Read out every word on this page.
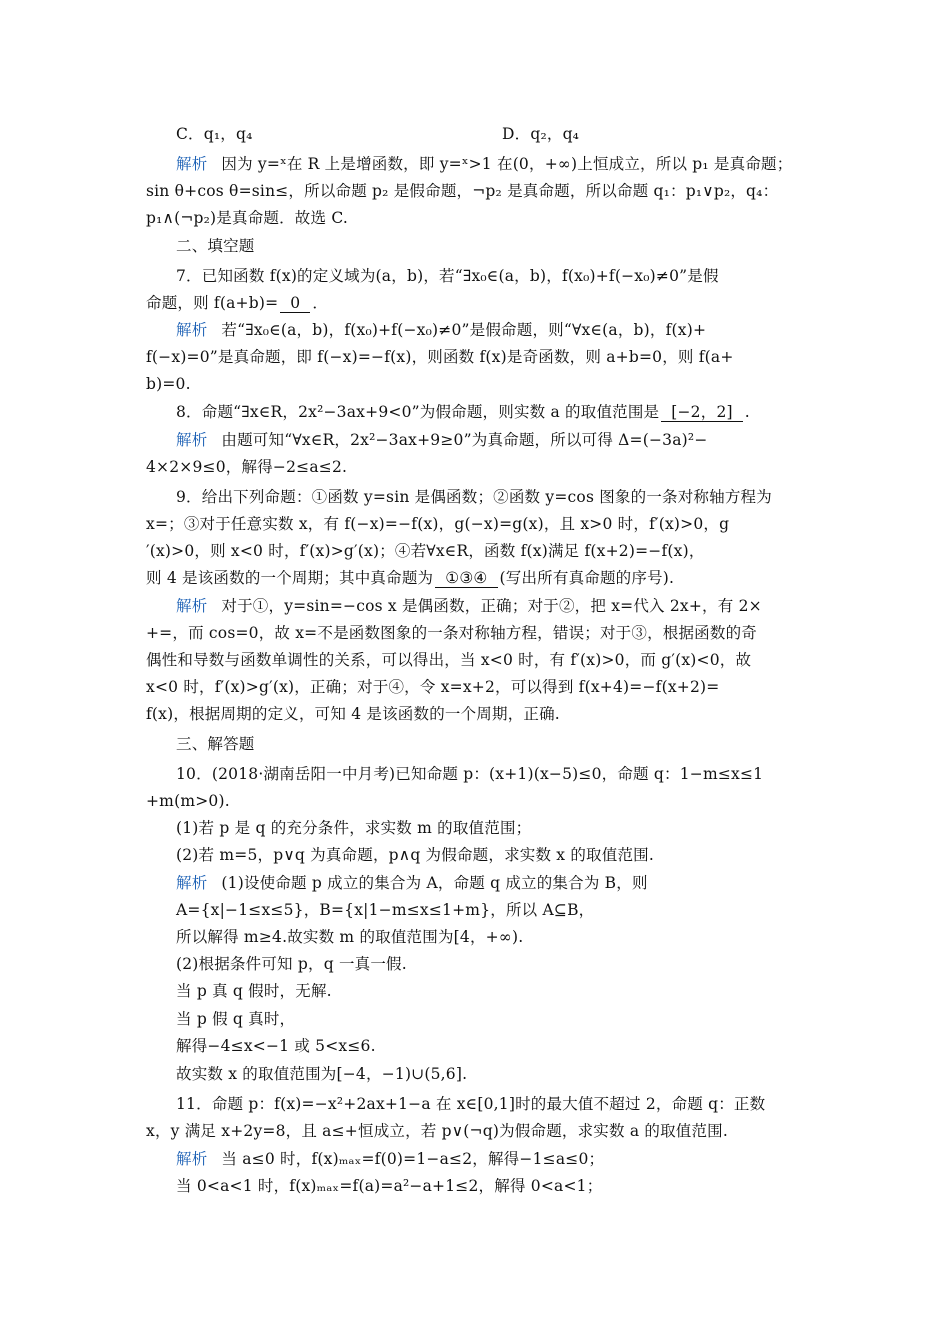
C．q₁，q₄	D．q₂，q₄
解析 因为 y=ˣ在 R 上是增函数，即 y=ˣ>1 在(0，+∞)上恒成立，所以 p₁ 是真命题；
sin θ+cos θ=sin≤，所以命题 p₂ 是假命题，¬p₂ 是真命题，所以命题 q₁：p₁∨p₂，q₄：
p₁∧(¬p₂)是真命题．故选 C.
二、填空题
7．已知函数 f(x)的定义域为(a，b)，若“∃x₀∈(a，b)，f(x₀)+f(−x₀)≠0”是假
命题，则 f(a+b)= 0 ．
解析 若“∃x₀∈(a，b)，f(x₀)+f(−x₀)≠0”是假命题，则“∀x∈(a，b)，f(x)+
f(−x)=0”是真命题，即 f(−x)=−f(x)，则函数 f(x)是奇函数，则 a+b=0，则 f(a+
b)=0.
8．命题“∃x∈R，2x²−3ax+9<0”为假命题，则实数 a 的取值范围是 [−2，2] .
解析 由题可知“∀x∈R，2x²−3ax+9≥0”为真命题，所以可得 Δ=(−3a)²−
4×2×9≤0，解得−2≤a≤2.
9．给出下列命题：①函数 y=sin 是偶函数；②函数 y=cos 图象的一条对称轴方程为
x=；③对于任意实数 x，有 f(−x)=−f(x)，g(−x)=g(x)，且 x>0 时，f′(x)>0，g
′(x)>0，则 x<0 时，f′(x)>g′(x)；④若∀x∈R，函数 f(x)满足 f(x+2)=−f(x)，
则 4 是该函数的一个周期；其中真命题为 ①③④ (写出所有真命题的序号).
解析 对于①，y=sin=−cos x 是偶函数，正确；对于②，把 x=代入 2x+，有 2×
+=，而 cos=0，故 x=不是函数图象的一条对称轴方程，错误；对于③，根据函数的奇
偶性和导数与函数单调性的关系，可以得出，当 x<0 时，有 f′(x)>0，而 g′(x)<0，故
x<0 时，f′(x)>g′(x)，正确；对于④，令 x=x+2，可以得到 f(x+4)=−f(x+2)=
f(x)，根据周期的定义，可知 4 是该函数的一个周期，正确.
三、解答题
10．(2018·湖南岳阳一中月考)已知命题 p：(x+1)(x−5)≤0，命题 q：1−m≤x≤1
+m(m>0).
(1)若 p 是 q 的充分条件，求实数 m 的取值范围；
(2)若 m=5，p∨q 为真命题，p∧q 为假命题，求实数 x 的取值范围.
解析 (1)设使命题 p 成立的集合为 A，命题 q 成立的集合为 B，则
A={x|−1≤x≤5}，B={x|1−m≤x≤1+m}，所以 A⊆B，
所以解得 m≥4.故实数 m 的取值范围为[4，+∞).
(2)根据条件可知 p，q 一真一假.
当 p 真 q 假时，无解.
当 p 假 q 真时，
解得−4≤x<−1 或 5<x≤6.
故实数 x 的取值范围为[−4，−1)∪(5,6].
11．命题 p：f(x)=−x²+2ax+1−a 在 x∈[0,1]时的最大值不超过 2，命题 q：正数
x，y 满足 x+2y=8，且 a≤+恒成立，若 p∨(¬q)为假命题，求实数 a 的取值范围.
解析 当 a≤0 时，f(x)ₘₐₓ=f(0)=1−a≤2，解得−1≤a≤0；
当 0<a<1 时，f(x)ₘₐₓ=f(a)=a²−a+1≤2，解得 0<a<1；
